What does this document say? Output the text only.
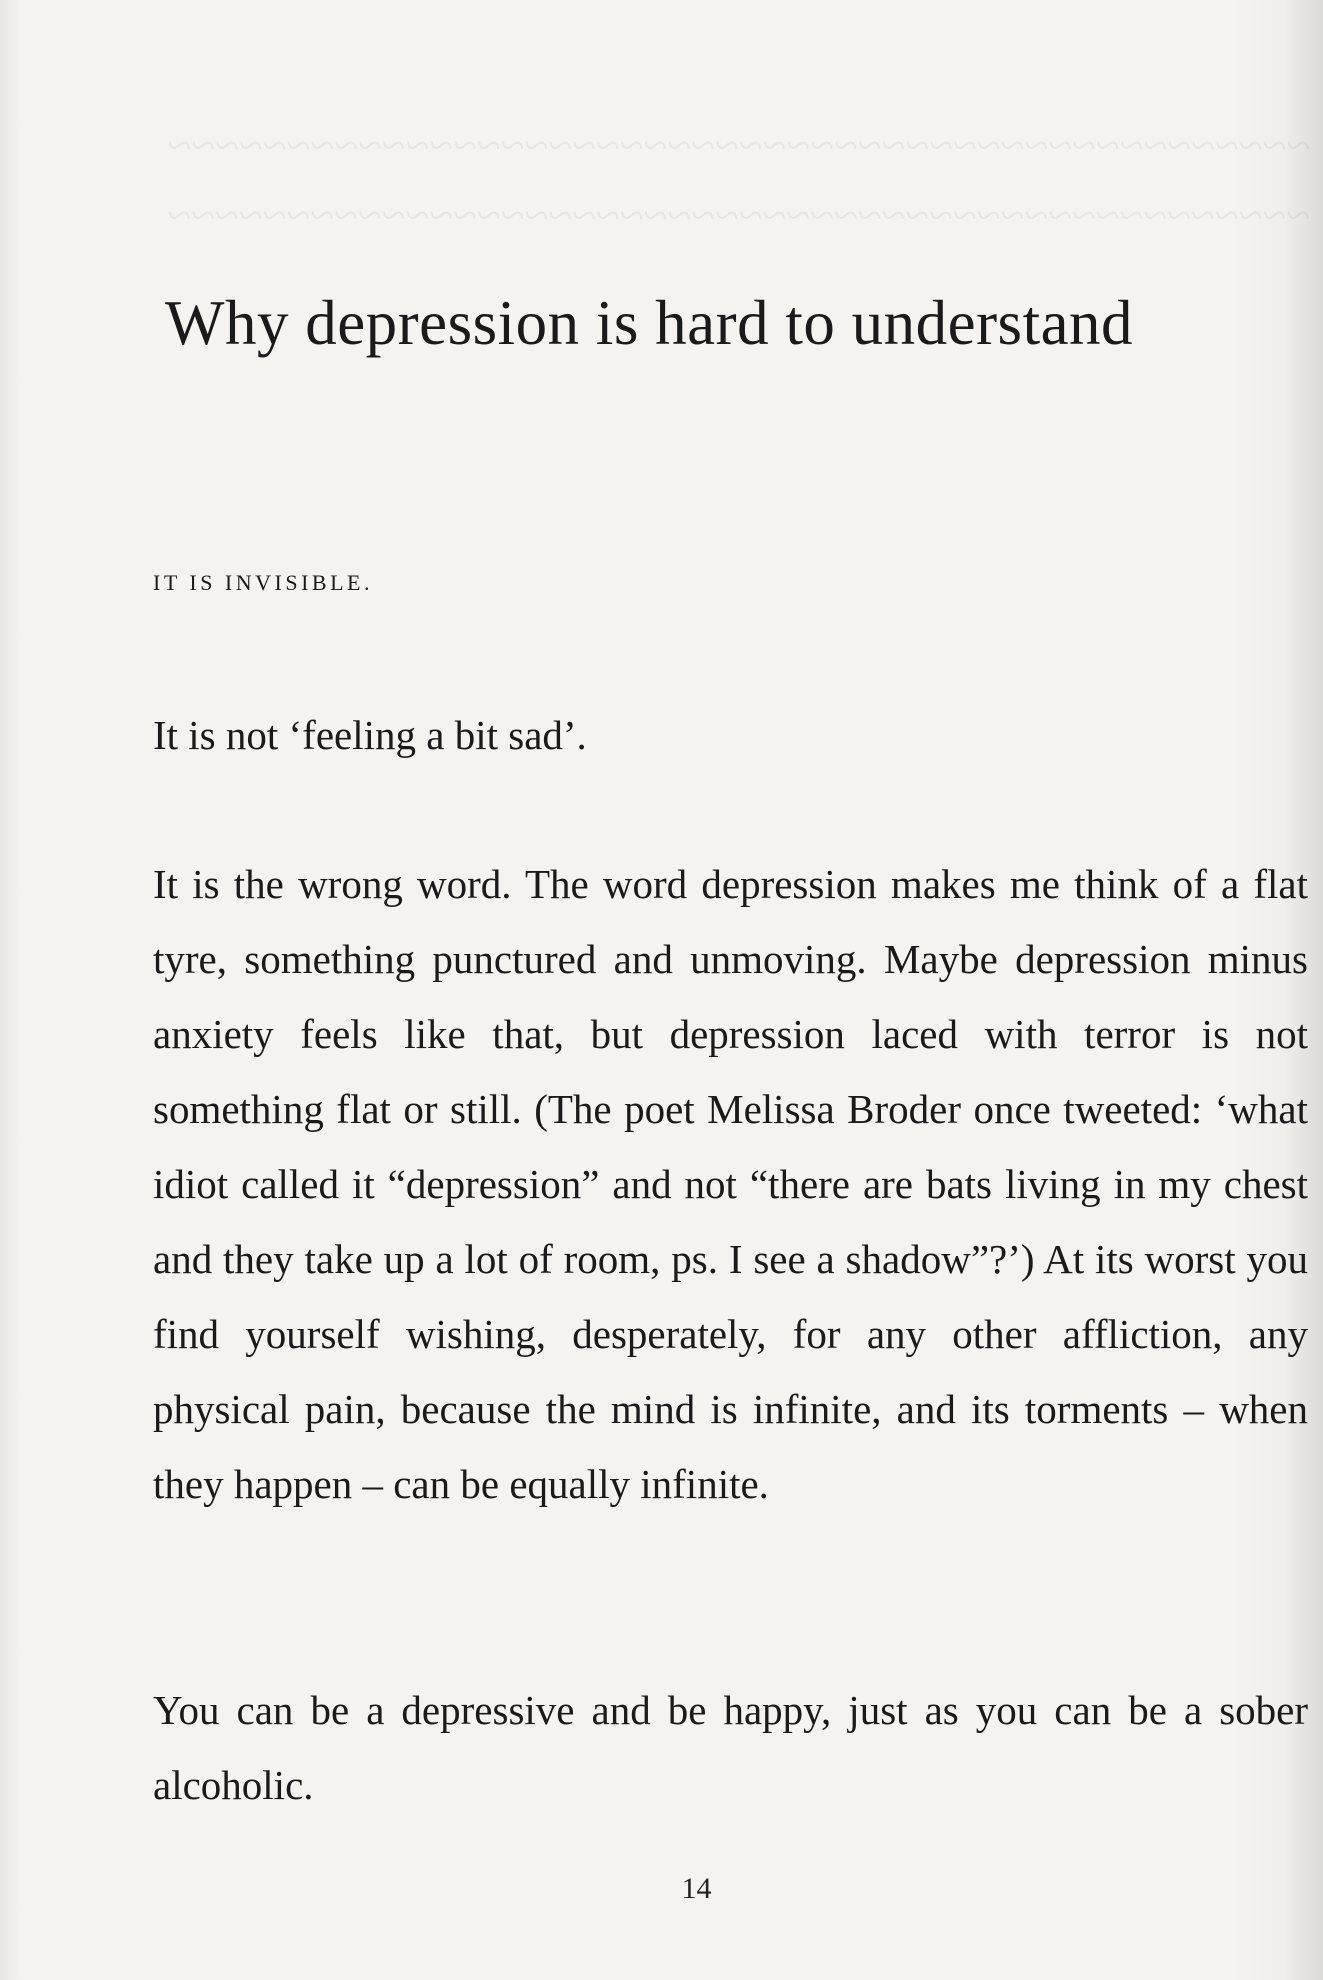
~~~~~~~~~~~~~~~~~~~~~~~~~~~~~~~~~~~~~~~~~~~~~~~~
~~~~~~~~~~~~~~~~~~~~~~~~~~~~~~~~~~~~~~~~~~~~~~~~
Why depression is hard to understand
IT IS INVISIBLE.

It is not ‘feeling a bit sad’.

It is the wrong word. The word depression makes me think of a flat tyre, something punctured and unmoving. Maybe depression minus anxiety feels like that, but depression laced with terror is not something flat or still. (The poet Melissa Broder once tweeted: ‘what idiot called it “depression” and not “there are bats living in my chest and they take up a lot of room, ps. I see a shadow”?’) At its worst you find yourself wishing, desperately, for any other affliction, any physical pain, because the mind is infinite, and its torments – when they happen – can be equally infinite.

You can be a depressive and be happy, just as you can be a sober alcoholic.

14
